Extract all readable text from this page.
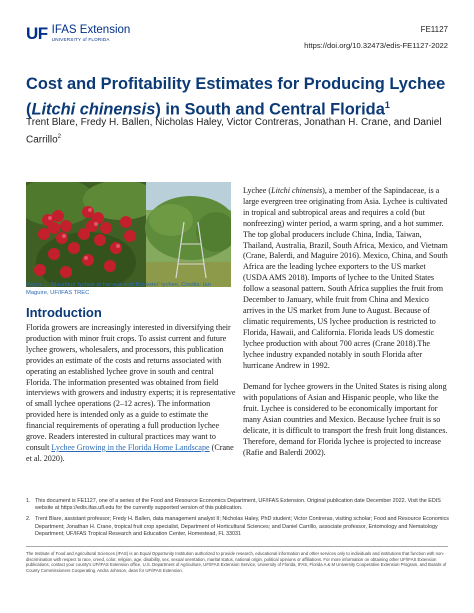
UF IFAS Extension
UNIVERSITY of FLORIDA
FE1127
https://doi.org/10.32473/edis-FE1127-2022
Cost and Profitability Estimates for Producing Lychee (Litchi chinensis) in South and Central Florida$^1$
Trent Blare, Fredy H. Ballen, Nicholas Haley, Victor Contreras, Jonathan H. Crane, and Daniel Carrillo$^2$
Figure 1. 'Mauritius' lychee at harvest and 'Brewster' lychee. Credits: Ian Maguire, UF/IFAS TREC
Introduction

Florida growers are increasingly interested in diversifying their production with minor fruit crops. To assist current and future lychee growers, wholesalers, and processors, this publication provides an estimate of the costs and returns associated with operating an established lychee grove in south and central Florida. The information presented was obtained from field interviews with growers and industry experts; it is representative of small lychee operations (2–12 acres). The information provided here is intended only as a guide to estimate the financial requirements of operating a full production lychee grove. Readers interested in cultural practices may want to consult Lychee Growing in the Florida Home Landscape (Crane et al. 2020).

Lychee (Litchi chinensis), a member of the Sapindaceae, is a large evergreen tree originating from Asia. Lychee is cultivated in tropical and subtropical areas and requires a cold (but nonfreezing) winter period, a warm spring, and a hot summer. The top global producers include China, India, Taiwan, Thailand, Australia, Brazil, South Africa, Mexico, and Vietnam (Crane, Balerdi, and Maguire 2016). Mexico, China, and South Africa are the leading lychee exporters to the US market (USDA AMS 2018). Imports of lychee to the United States follow a seasonal pattern. South Africa supplies the fruit from December to January, while fruit from China and Mexico arrives in the US market from June to August. Because of climatic requirements, US lychee production is restricted to Florida, Hawaii, and California. Florida leads US domestic lychee production with about 700 acres (Crane 2018).The lychee industry expanded notably in south Florida after hurricane Andrew in 1992.

Demand for lychee growers in the United States is rising along with populations of Asian and Hispanic people, who like the fruit. Lychee is considered to be economically important for many Asian countries and Mexico. Because lychee fruit is so delicate, it is difficult to transport the fresh fruit long distances. Therefore, demand for Florida lychee is projected to increase (Rafie and Balerdi 2002).

1. This document is FE1127, one of a series of the Food and Resource Economics Department, UF/IFAS Extension. Original publication date December 2022. Visit the EDIS website at https://edis.ifas.ufl.edu for the currently supported version of this publication.
2. Trent Blare, assistant professor; Fredy H. Ballen, data management analyst II; Nicholas Haley, PhD student; Victor Contreras, visiting scholar; Food and Resource Economics Department; Jonathan H. Crane, tropical fruit crop specialist, Department of Horticultural Sciences; and Daniel Carrillo, associate professor, Entomology and Nematology Department; UF/IFAS Tropical Research and Education Center, Homestead, FL 33031
The Institute of Food and Agricultural Sciences (IFAS) is an Equal Opportunity Institution authorized to provide research, educational information and other services only to individuals and institutions that function with non-discrimination with respect to race, creed, color, religion, age, disability, sex, sexual orientation, marital status, national origin, political opinions or affiliations. For more information on obtaining other UF/IFAS Extension publications, contact your county's UF/IFAS Extension office. U.S. Department of Agriculture, UF/IFAS Extension Service, University of Florida, IFAS, Florida A & M University Cooperative Extension Program, and Boards of County Commissioners Cooperating. Andra Johnson, dean for UF/IFAS Extension.
